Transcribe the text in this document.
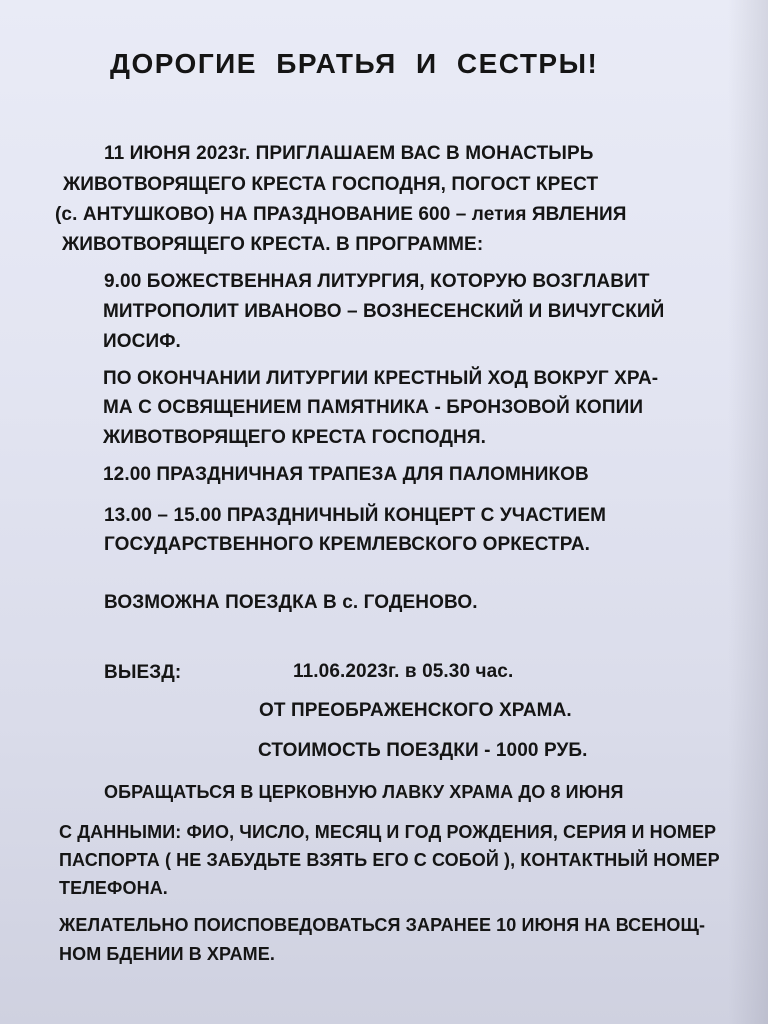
ДОРОГИЕ БРАТЬЯ И СЕСТРЫ!
11 ИЮНЯ 2023г. ПРИГЛАШАЕМ ВАС В МОНАСТЫРЬ
ЖИВОТВОРЯЩЕГО КРЕСТА ГОСПОДНЯ, ПОГОСТ КРЕСТ
(с. АНТУШКОВО) НА ПРАЗДНОВАНИЕ 600 – летия ЯВЛЕНИЯ
ЖИВОТВОРЯЩЕГО КРЕСТА. В ПРОГРАММЕ:
9.00 БОЖЕСТВЕННАЯ ЛИТУРГИЯ, КОТОРУЮ ВОЗГЛАВИТ
МИТРОПОЛИТ ИВАНОВО – ВОЗНЕСЕНСКИЙ И ВИЧУГСКИЙ
ИОСИФ.
ПО ОКОНЧАНИИ ЛИТУРГИИ КРЕСТНЫЙ ХОД ВОКРУГ ХРА-
МА С ОСВЯЩЕНИЕМ ПАМЯТНИКА - БРОНЗОВОЙ КОПИИ
ЖИВОТВОРЯЩЕГО КРЕСТА ГОСПОДНЯ.
12.00 ПРАЗДНИЧНАЯ ТРАПЕЗА ДЛЯ ПАЛОМНИКОВ
13.00 – 15.00 ПРАЗДНИЧНЫЙ КОНЦЕРТ С УЧАСТИЕМ
ГОСУДАРСТВЕННОГО КРЕМЛЕВСКОГО ОРКЕСТРА.
ВОЗМОЖНА ПОЕЗДКА В с. ГОДЕНОВО.
ВЫЕЗД:	11.06.2023г. в 05.30 час.
ОТ ПРЕОБРАЖЕНСКОГО ХРАМА.
СТОИМОСТЬ ПОЕЗДКИ - 1000 РУБ.
ОБРАЩАТЬСЯ В ЦЕРКОВНУЮ ЛАВКУ ХРАМА ДО 8 ИЮНЯ
С ДАННЫМИ: ФИО, ЧИСЛО, МЕСЯЦ И ГОД РОЖДЕНИЯ, СЕРИЯ И НОМЕР
ПАСПОРТА ( НЕ ЗАБУДЬТЕ ВЗЯТЬ ЕГО С СОБОЙ ), КОНТАКТНЫЙ НОМЕР
ТЕЛЕФОНА.
ЖЕЛАТЕЛЬНО ПОИСПОВЕДОВАТЬСЯ ЗАРАНЕЕ 10 ИЮНЯ НА ВСЕНОЩ-
НОМ БДЕНИИ В ХРАМЕ.
